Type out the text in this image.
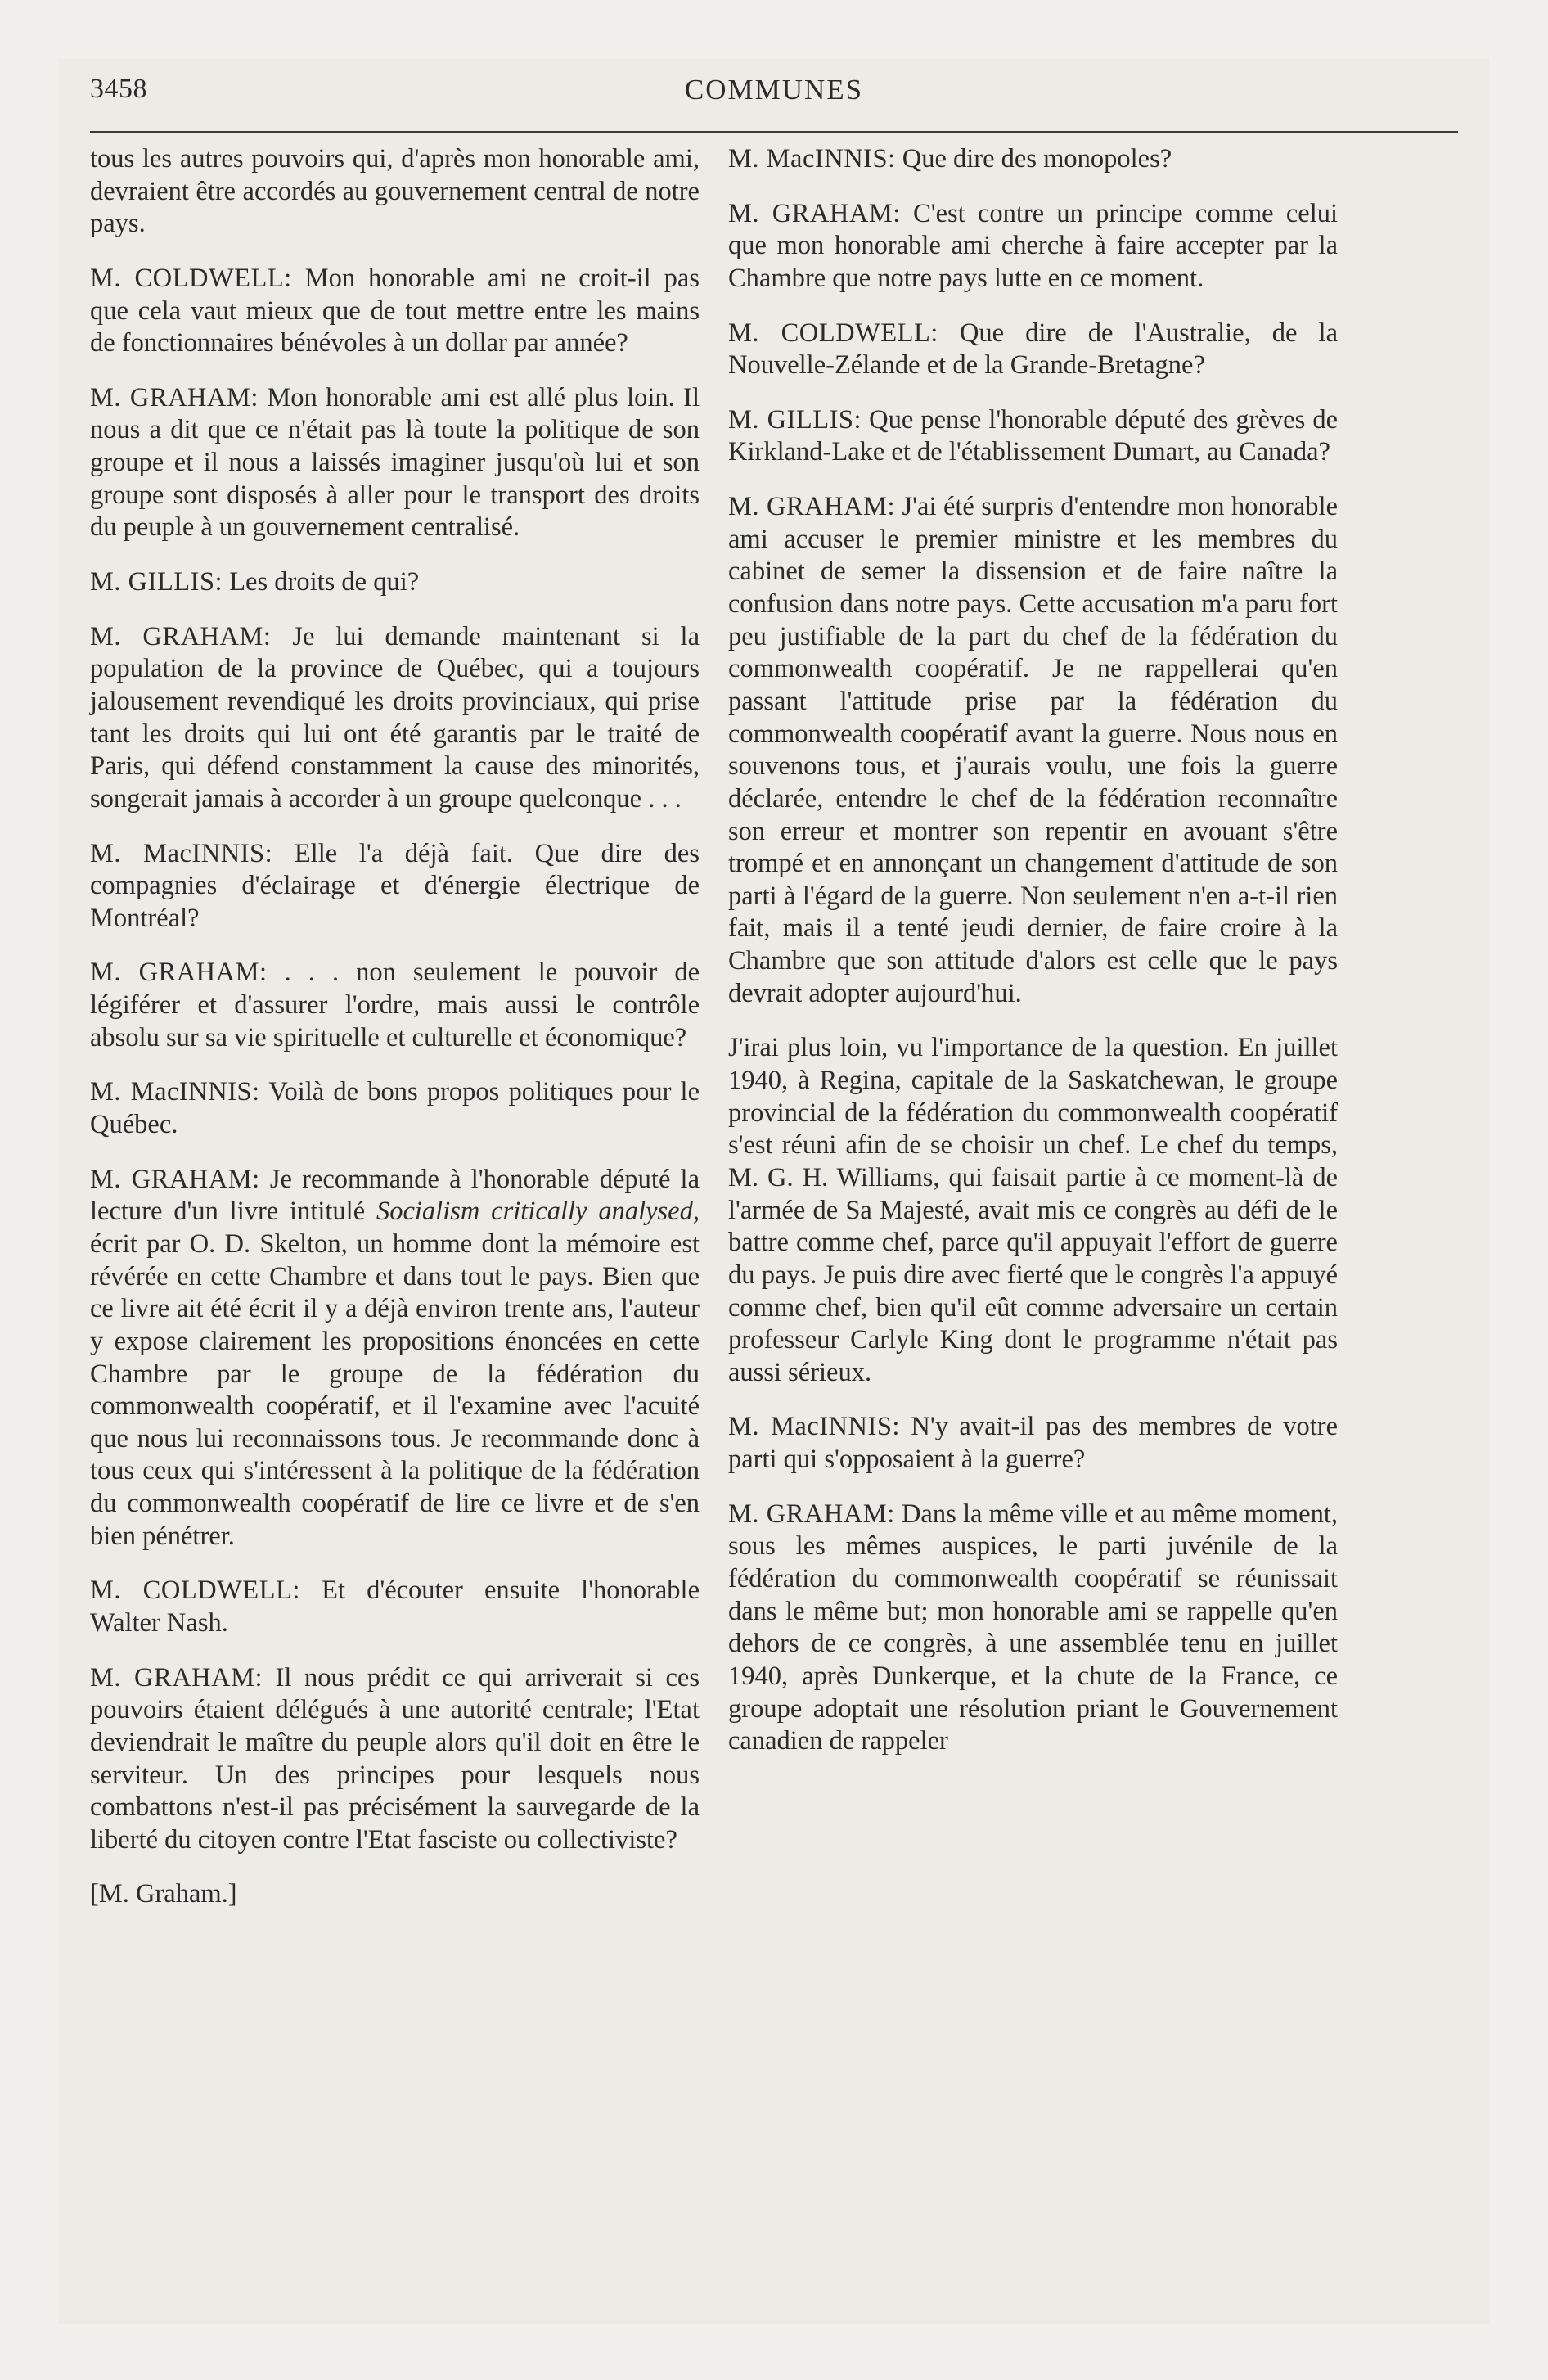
3458	COMMUNES

tous les autres pouvoirs qui, d'après mon honorable ami, devraient être accordés au gouvernement central de notre pays.

M. COLDWELL: Mon honorable ami ne croit-il pas que cela vaut mieux que de tout mettre entre les mains de fonctionnaires bénévoles à un dollar par année?

M. GRAHAM: Mon honorable ami est allé plus loin. Il nous a dit que ce n'était pas là toute la politique de son groupe et il nous a laissés imaginer jusqu'où lui et son groupe sont disposés à aller pour le transport des droits du peuple à un gouvernement centralisé.

M. GILLIS: Les droits de qui?

M. GRAHAM: Je lui demande maintenant si la population de la province de Québec, qui a toujours jalousement revendiqué les droits provinciaux, qui prise tant les droits qui lui ont été garantis par le traité de Paris, qui défend constamment la cause des minorités, songerait jamais à accorder à un groupe quelconque . . .

M. MacINNIS: Elle l'a déjà fait. Que dire des compagnies d'éclairage et d'énergie électrique de Montréal?

M. GRAHAM: . . . non seulement le pouvoir de légiférer et d'assurer l'ordre, mais aussi le contrôle absolu sur sa vie spirituelle et culturelle et économique?

M. MacINNIS: Voilà de bons propos politiques pour le Québec.

M. GRAHAM: Je recommande à l'honorable député la lecture d'un livre intitulé Socialism critically analysed, écrit par O. D. Skelton, un homme dont la mémoire est révérée en cette Chambre et dans tout le pays. Bien que ce livre ait été écrit il y a déjà environ trente ans, l'auteur y expose clairement les propositions énoncées en cette Chambre par le groupe de la fédération du commonwealth coopératif, et il l'examine avec l'acuité que nous lui reconnaissons tous. Je recommande donc à tous ceux qui s'intéressent à la politique de la fédération du commonwealth coopératif de lire ce livre et de s'en bien pénétrer.

M. COLDWELL: Et d'écouter ensuite l'honorable Walter Nash.

M. GRAHAM: Il nous prédit ce qui arriverait si ces pouvoirs étaient délégués à une autorité centrale; l'Etat deviendrait le maître du peuple alors qu'il doit en être le serviteur. Un des principes pour lesquels nous combattons n'est-il pas précisément la sauvegarde de la liberté du citoyen contre l'Etat fasciste ou collectiviste?

[M. Graham.]

M. MacINNIS: Que dire des monopoles?

M. GRAHAM: C'est contre un principe comme celui que mon honorable ami cherche à faire accepter par la Chambre que notre pays lutte en ce moment.

M. COLDWELL: Que dire de l'Australie, de la Nouvelle-Zélande et de la Grande-Bretagne?

M. GILLIS: Que pense l'honorable député des grèves de Kirkland-Lake et de l'établissement Dumart, au Canada?

M. GRAHAM: J'ai été surpris d'entendre mon honorable ami accuser le premier ministre et les membres du cabinet de semer la dissension et de faire naître la confusion dans notre pays. Cette accusation m'a paru fort peu justifiable de la part du chef de la fédération du commonwealth coopératif. Je ne rappellerai qu'en passant l'attitude prise par la fédération du commonwealth coopératif avant la guerre. Nous nous en souvenons tous, et j'aurais voulu, une fois la guerre déclarée, entendre le chef de la fédération reconnaître son erreur et montrer son repentir en avouant s'être trompé et en annonçant un changement d'attitude de son parti à l'égard de la guerre. Non seulement n'en a-t-il rien fait, mais il a tenté jeudi dernier, de faire croire à la Chambre que son attitude d'alors est celle que le pays devrait adopter aujourd'hui.

J'irai plus loin, vu l'importance de la question. En juillet 1940, à Regina, capitale de la Saskatchewan, le groupe provincial de la fédération du commonwealth coopératif s'est réuni afin de se choisir un chef. Le chef du temps, M. G. H. Williams, qui faisait partie à ce moment-là de l'armée de Sa Majesté, avait mis ce congrès au défi de le battre comme chef, parce qu'il appuyait l'effort de guerre du pays. Je puis dire avec fierté que le congrès l'a appuyé comme chef, bien qu'il eût comme adversaire un certain professeur Carlyle King dont le programme n'était pas aussi sérieux.

M. MacINNIS: N'y avait-il pas des membres de votre parti qui s'opposaient à la guerre?

M. GRAHAM: Dans la même ville et au même moment, sous les mêmes auspices, le parti juvénile de la fédération du commonwealth coopératif se réunissait dans le même but; mon honorable ami se rappelle qu'en dehors de ce congrès, à une assemblée tenu en juillet 1940, après Dunkerque, et la chute de la France, ce groupe adoptait une résolution priant le Gouvernement canadien de rappeler
